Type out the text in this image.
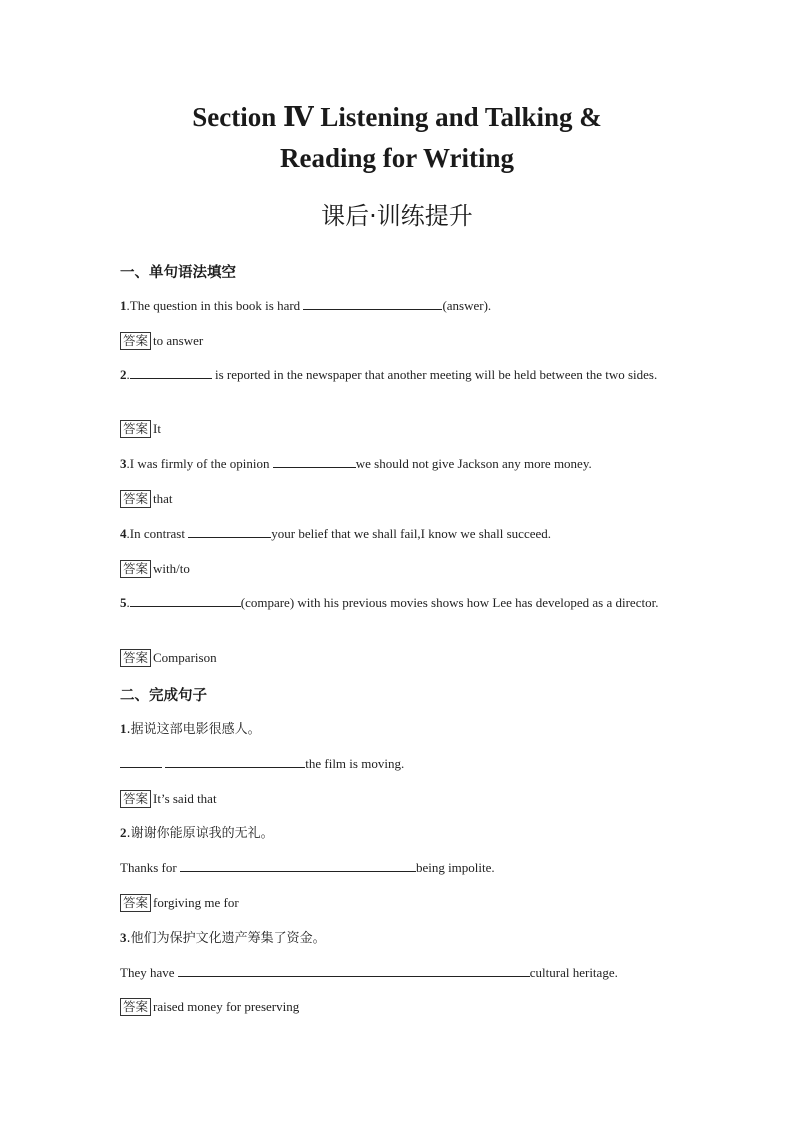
Section Ⅳ Listening and Talking &
Reading for Writing
课后·训练提升
一、单句语法填空
1.The question in this book is hard	(answer).
答案 to answer
2.	is reported in the newspaper that another meeting will be held between the two sides.
答案 It
3.I was firmly of the opinion	we should not give Jackson any more money.
答案 that
4.In contrast	your belief that we shall fail,I know we shall succeed.
答案 with/to
5.	(compare) with his previous movies shows how Lee has developed as a director.
答案 Comparison
二、完成句子
1.据说这部电影很感人。
the film is moving.
答案 It’s said that
2.谢谢你能原谅我的无礼。
Thanks for	being impolite.
答案 forgiving me for
3.他们为保护文化遗产筹集了资金。
They have	cultural heritage.
答案 raised money for preserving
